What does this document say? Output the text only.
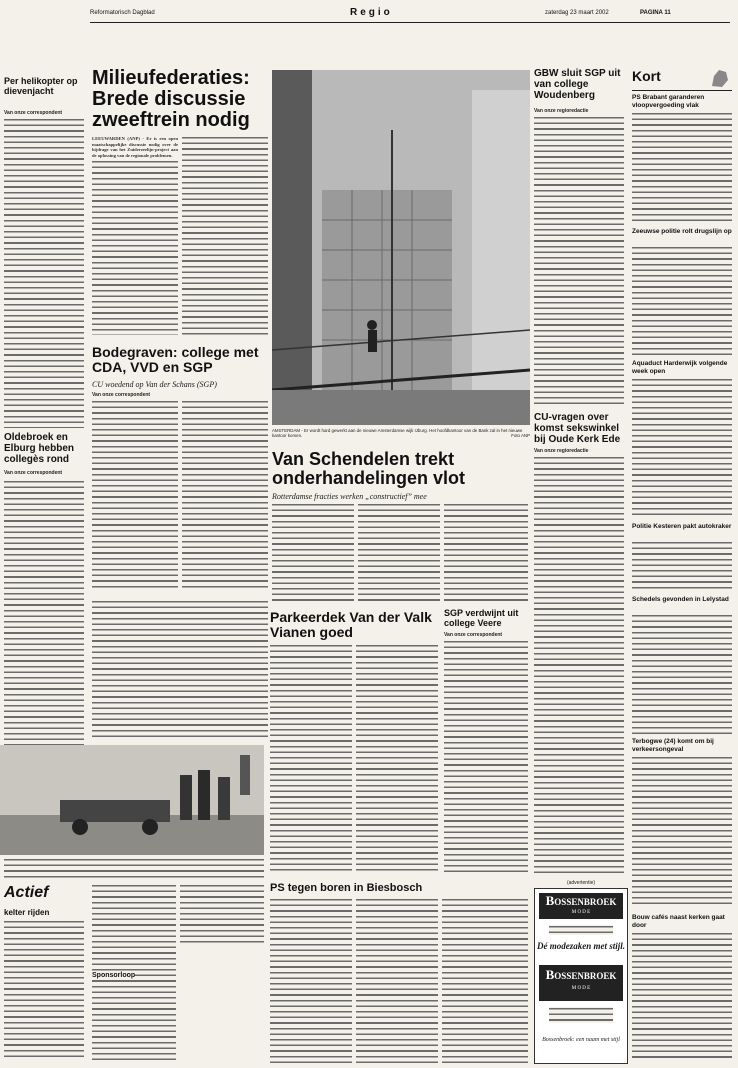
Reformatorisch Dagblad	Regio	zaterdag 23 maart 2002	PAGINA 11
Per helikopter op dievenjacht
Van onze correspondent
Oldebroek en Elburg hebben collegès rond
Van onze correspondent
Actief
kelter rijden
Sponsorloop
Milieufederaties: Brede discussie zweeftrein nodig
LEEUWARDEN (ANP) - Er is een open maatschappelijke discussie nodig over de bijdrage van het Zuiderzeelijn-project aan de oplossing van de regionale problemen.
AMSTERDAM - Er wordt hard gewerkt aan de nieuwe Amsterdamse wijk IJburg. Het hoofdkantoor van de Bank zal in het nieuwe kantoor komen.	Foto ANP
Bodegraven: college met CDA, VVD en SGP
CU woedend op Van der Schans (SGP)
Van onze correspondent
Van Schendelen trekt onderhandelingen vlot
Rotterdamse fracties werken „constructief” mee
Parkeerdek Van der Valk Vianen goed
PS tegen boren in Biesbosch
SGP verdwijnt uit college Veere
Van onze correspondent
GBW sluit SGP uit van college Woudenberg
Van onze regioredactie
CU-vragen over komst sekswinkel bij Oude Kerk Ede
Van onze regioredactie
Kort
PS Brabant garanderen vloopvergoeding vlak
Zeeuwse politie rolt drugslijn op
Aquaduct Harderwijk volgende week open
Politie Kesteren pakt autokraker
Schedels gevonden in Lelystad
Terbogwe (24) komt om bij verkeersongeval
Bouw cafés naast kerken gaat door
(advertentie)
Bossenbroek
M O D E
Dé modezaken met stijl.
Bossenbroek
M O D E
Bossenbroek: een naam met stijl
